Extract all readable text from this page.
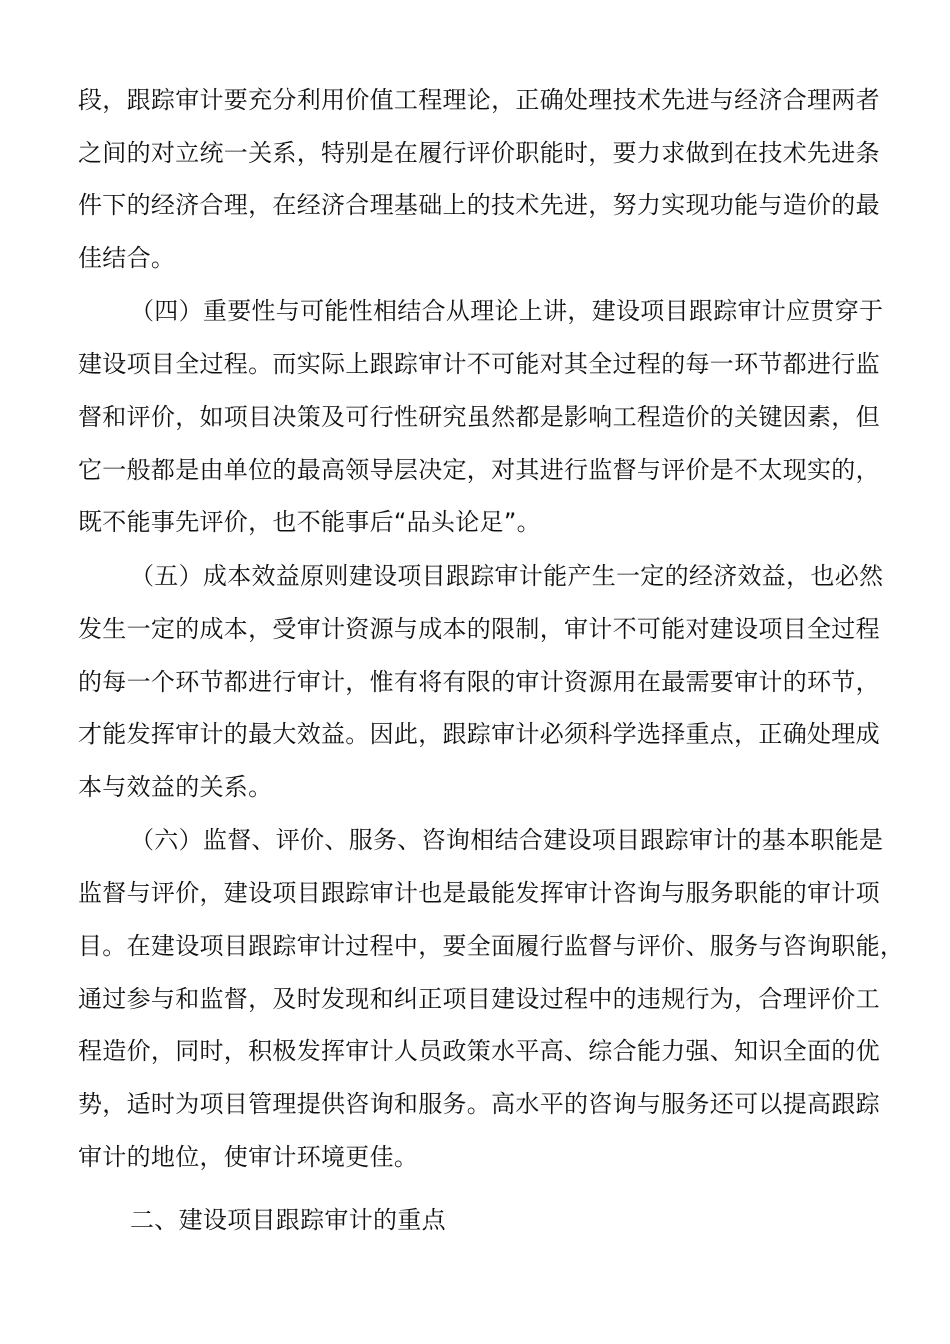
段，跟踪审计要充分利用价值工程理论，正确处理技术先进与经济合理两者
之间的对立统一关系，特别是在履行评价职能时，要力求做到在技术先进条
件下的经济合理，在经济合理基础上的技术先进，努力实现功能与造价的最
佳结合。
（四）重要性与可能性相结合从理论上讲，建设项目跟踪审计应贯穿于
建设项目全过程。而实际上跟踪审计不可能对其全过程的每一环节都进行监
督和评价，如项目决策及可行性研究虽然都是影响工程造价的关键因素，但
它一般都是由单位的最高领导层决定，对其进行监督与评价是不太现实的，
既不能事先评价，也不能事后“品头论足”。
（五）成本效益原则建设项目跟踪审计能产生一定的经济效益，也必然
发生一定的成本，受审计资源与成本的限制，审计不可能对建设项目全过程
的每一个环节都进行审计，惟有将有限的审计资源用在最需要审计的环节，
才能发挥审计的最大效益。因此，跟踪审计必须科学选择重点，正确处理成
本与效益的关系。
（六）监督、评价、服务、咨询相结合建设项目跟踪审计的基本职能是
监督与评价，建设项目跟踪审计也是最能发挥审计咨询与服务职能的审计项
目。在建设项目跟踪审计过程中，要全面履行监督与评价、服务与咨询职能，
通过参与和监督，及时发现和纠正项目建设过程中的违规行为，合理评价工
程造价，同时，积极发挥审计人员政策水平高、综合能力强、知识全面的优
势，适时为项目管理提供咨询和服务。高水平的咨询与服务还可以提高跟踪
审计的地位，使审计环境更佳。
二、建设项目跟踪审计的重点
